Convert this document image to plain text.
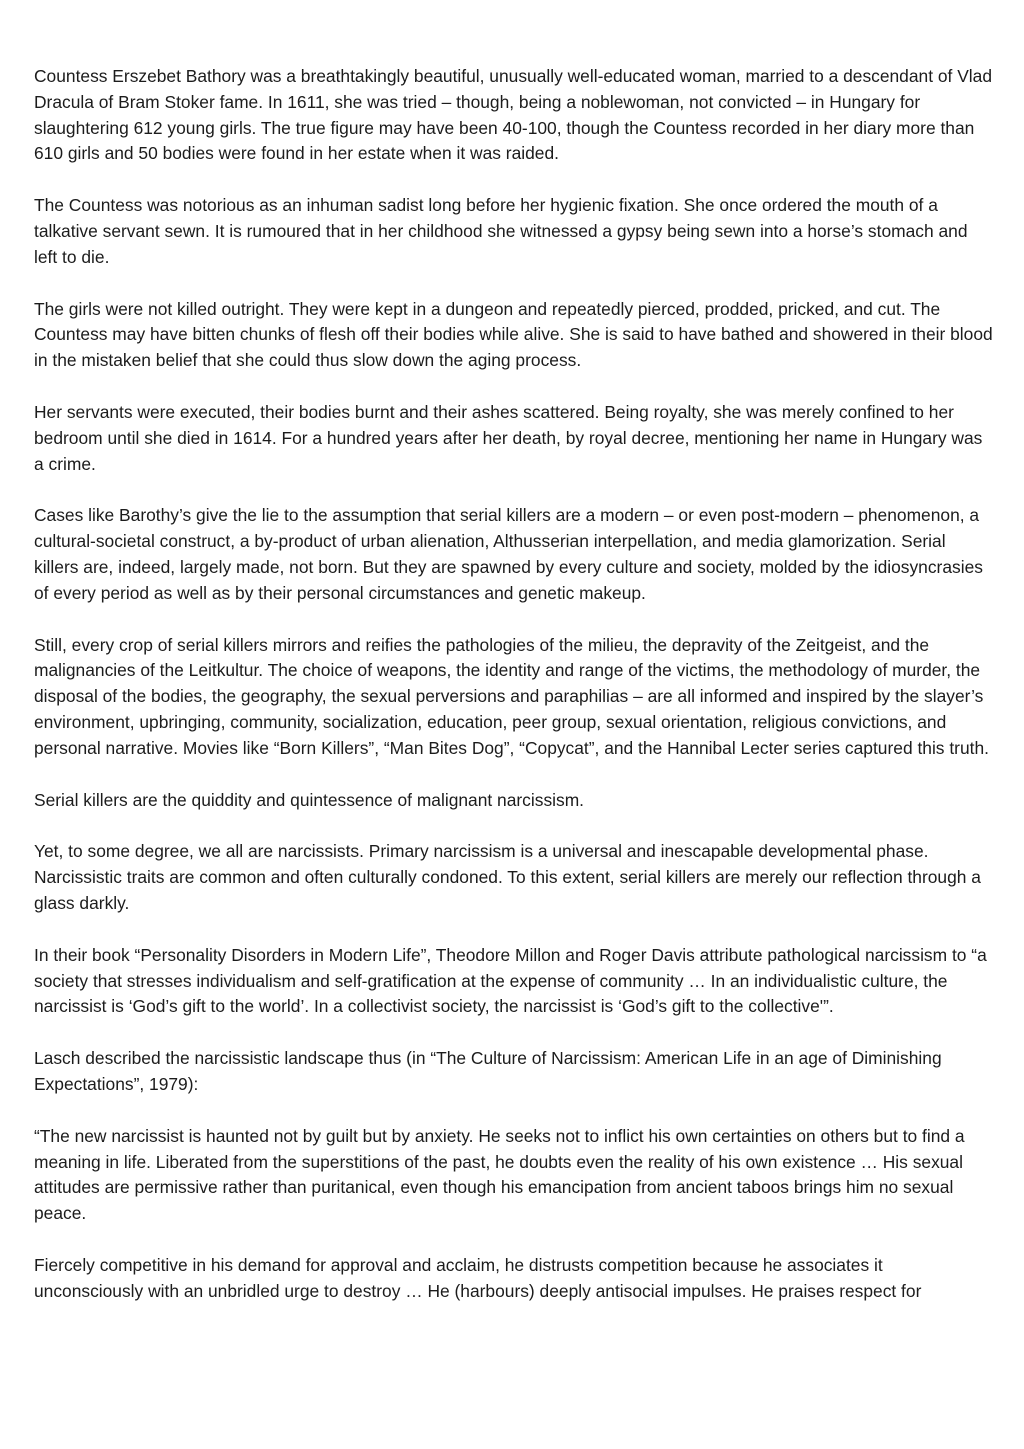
Countess Erszebet Bathory was a breathtakingly beautiful, unusually well-educated woman, married to a descendant of Vlad Dracula of Bram Stoker fame. In 1611, she was tried – though, being a noblewoman, not convicted – in Hungary for slaughtering 612 young girls. The true figure may have been 40-100, though the Countess recorded in her diary more than 610 girls and 50 bodies were found in her estate when it was raided.

The Countess was notorious as an inhuman sadist long before her hygienic fixation. She once ordered the mouth of a talkative servant sewn. It is rumoured that in her childhood she witnessed a gypsy being sewn into a horse’s stomach and left to die.

The girls were not killed outright. They were kept in a dungeon and repeatedly pierced, prodded, pricked, and cut. The Countess may have bitten chunks of flesh off their bodies while alive. She is said to have bathed and showered in their blood in the mistaken belief that she could thus slow down the aging process.

Her servants were executed, their bodies burnt and their ashes scattered. Being royalty, she was merely confined to her bedroom until she died in 1614. For a hundred years after her death, by royal decree, mentioning her name in Hungary was a crime.

Cases like Barothy’s give the lie to the assumption that serial killers are a modern – or even post-modern – phenomenon, a cultural-societal construct, a by-product of urban alienation, Althusserian interpellation, and media glamorization. Serial killers are, indeed, largely made, not born. But they are spawned by every culture and society, molded by the idiosyncrasies of every period as well as by their personal circumstances and genetic makeup.

Still, every crop of serial killers mirrors and reifies the pathologies of the milieu, the depravity of the Zeitgeist, and the malignancies of the Leitkultur. The choice of weapons, the identity and range of the victims, the methodology of murder, the disposal of the bodies, the geography, the sexual perversions and paraphilias – are all informed and inspired by the slayer’s environment, upbringing, community, socialization, education, peer group, sexual orientation, religious convictions, and personal narrative. Movies like “Born Killers”, “Man Bites Dog”, “Copycat”, and the Hannibal Lecter series captured this truth.

Serial killers are the quiddity and quintessence of malignant narcissism.

Yet, to some degree, we all are narcissists. Primary narcissism is a universal and inescapable developmental phase. Narcissistic traits are common and often culturally condoned. To this extent, serial killers are merely our reflection through a glass darkly.

In their book “Personality Disorders in Modern Life”, Theodore Millon and Roger Davis attribute pathological narcissism to “a society that stresses individualism and self-gratification at the expense of community … In an individualistic culture, the narcissist is ‘God’s gift to the world’. In a collectivist society, the narcissist is ‘God’s gift to the collective'”.

Lasch described the narcissistic landscape thus (in “The Culture of Narcissism: American Life in an age of Diminishing Expectations”, 1979):

“The new narcissist is haunted not by guilt but by anxiety. He seeks not to inflict his own certainties on others but to find a meaning in life. Liberated from the superstitions of the past, he doubts even the reality of his own existence … His sexual attitudes are permissive rather than puritanical, even though his emancipation from ancient taboos brings him no sexual peace.

Fiercely competitive in his demand for approval and acclaim, he distrusts competition because he associates it unconsciously with an unbridled urge to destroy … He (harbours) deeply antisocial impulses. He praises respect for
